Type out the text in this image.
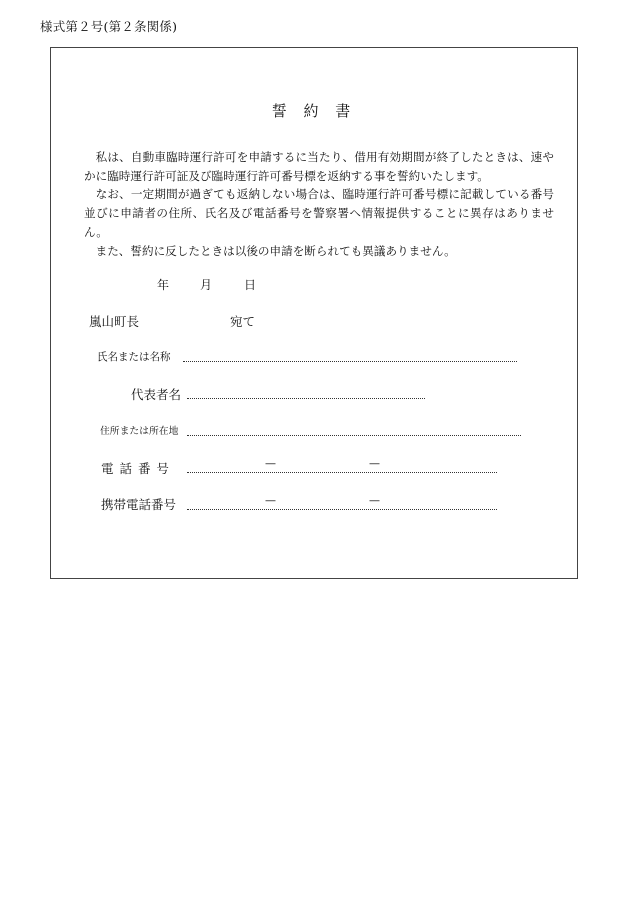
様式第２号(第２条関係)
誓 約 書

私は、自動車臨時運行許可を申請するに当たり、借用有効期間が終了したときは、速やかに臨時運行許可証及び臨時運行許可番号標を返納する事を誓約いたします。

なお、一定期間が過ぎても返納しない場合は、臨時運行許可番号標に記載している番号並びに申請者の住所、氏名及び電話番号を警察署へ情報提供することに異存はありません。

また、誓約に反したときは以後の申請を断られても異議ありません。

年	月	日
嵐山町長	宛て
氏名または名称
代表者名
住所または所在地
電 話 番 号	—	—
携帯電話番号	—	—
